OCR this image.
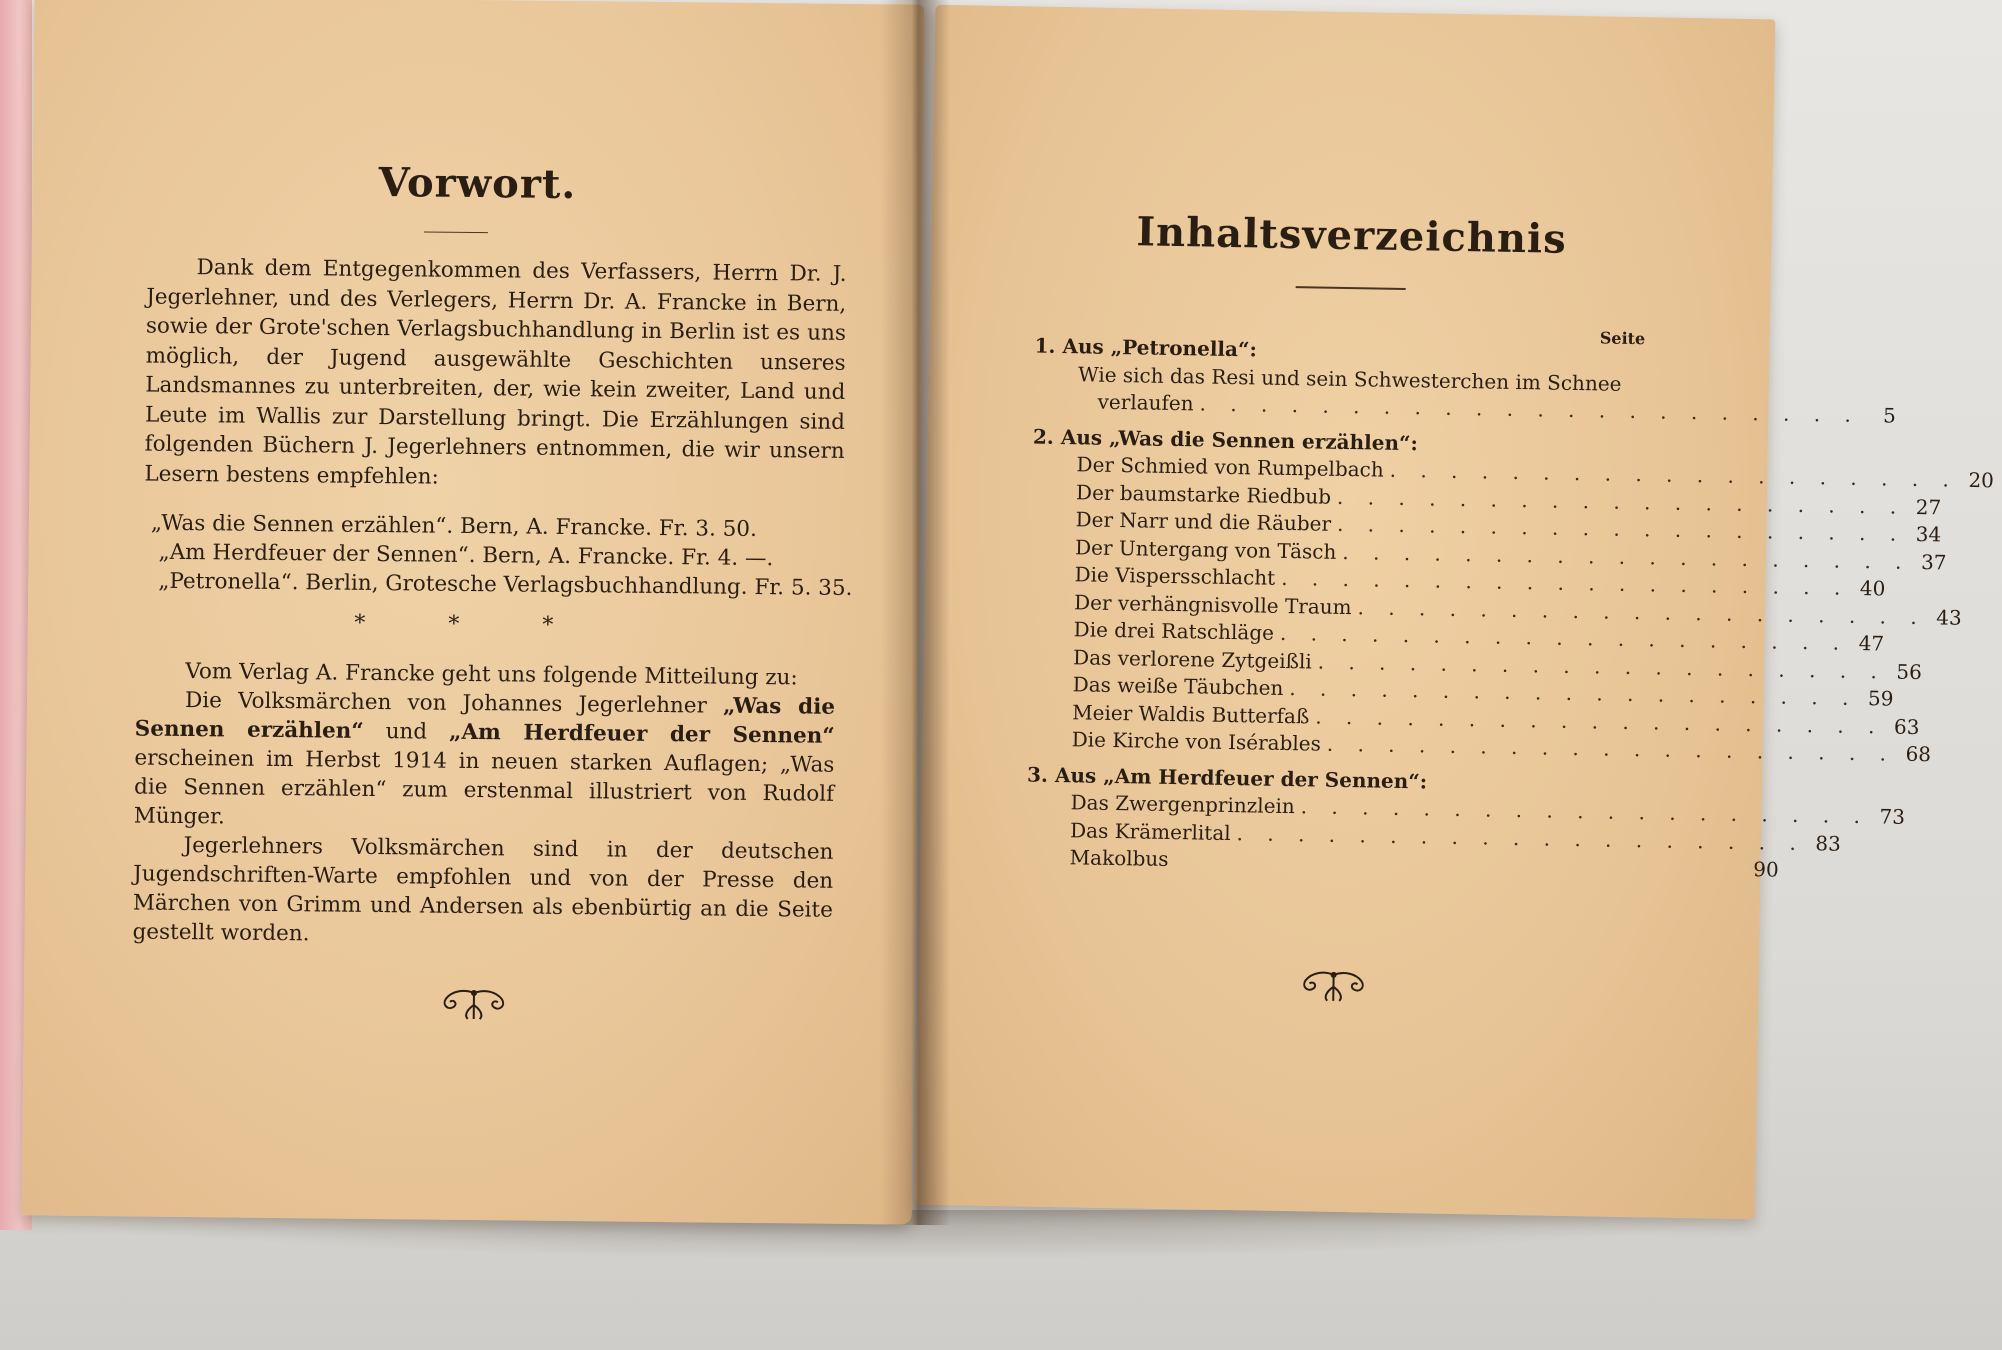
Vorwort.

Dank dem Entgegenkommen des Verfassers, Herrn Dr. J. Jegerlehner, und des Verlegers, Herrn Dr. A. Francke in Bern, sowie der Grote'schen Verlagsbuchhandlung in Berlin ist es uns möglich, der Jugend ausgewählte Geschichten unseres Landsmannes zu unterbreiten, der, wie kein zweiter, Land und Leute im Wallis zur Darstellung bringt. Die Erzählungen sind folgenden Büchern J. Jegerlehners entnommen, die wir unsern Lesern bestens empfehlen:

„Was die Sennen erzählen“. Bern, A. Francke. Fr. 3. 50.
„Am Herdfeuer der Sennen“. Bern, A. Francke. Fr. 4. —.
„Petronella“. Berlin, Grotesche Verlagsbuchhandlung. Fr. 5. 35.
* * *

Vom Verlag A. Francke geht uns folgende Mitteilung zu:

Die Volksmärchen von Johannes Jegerlehner „Was die Sennen erzählen“ und „Am Herdfeuer der Sennen“ erscheinen im Herbst 1914 in neuen starken Auflagen; „Was die Sennen erzählen“ zum erstenmal illustriert von Rudolf Münger.

Jegerlehners Volksmärchen sind in der deutschen Jugendschriften-Warte empfohlen und von der Presse den Märchen von Grimm und Andersen als ebenbürtig an die Seite gestellt worden.

Inhaltsverzeichnis
Seite
1. Aus „Petronella“:
Wie sich das Resi und sein Schwesterchen im Schnee
verlaufen . . . . . . . . . . . . . . . . . . . . . .	5
2. Aus „Was die Sennen erzählen“:
Der Schmied von Rumpelbach . . . . . . . . . . . . . . . . . . . 20
Der baumstarke Riedbub . . . . . . . . . . . . . . . . . . . 27
Der Narr und die Räuber . . . . . . . . . . . . . . . . . . . 34
Der Untergang von Täsch . . . . . . . . . . . . . . . . . . . 37
Die Vispersschlacht . . . . . . . . . . . . . . . . . . . 40
Der verhängnisvolle Traum . . . . . . . . . . . . . . . . . . . 43
Die drei Ratschläge . . . . . . . . . . . . . . . . . . . 47
Das verlorene Zytgeißli . . . . . . . . . . . . . . . . . . . 56
Das weiße Täubchen . . . . . . . . . . . . . . . . . . . 59
Meier Waldis Butterfaß . . . . . . . . . . . . . . . . . . . 63
Die Kirche von Isérables . . . . . . . . . . . . . . . . . . . 68
3. Aus „Am Herdfeuer der Sennen“:
Das Zwergenprinzlein . . . . . . . . . . . . . . . . . . . 73
Das Krämerlital . . . . . . . . . . . . . . . . . . . 83
Makolbus	90
